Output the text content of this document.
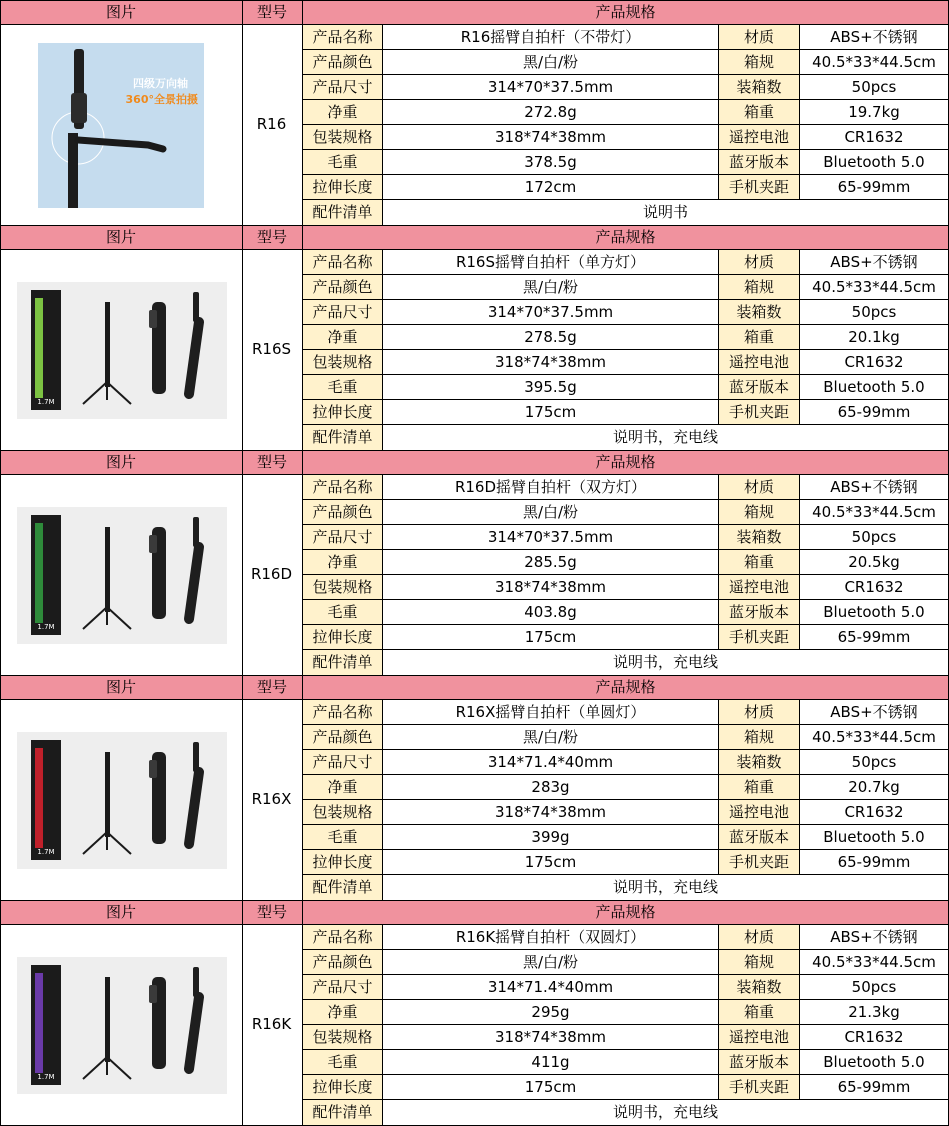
图片	型号	产品规格
四级万向轴
360°全景拍摄
R16
产品名称	R16摇臂自拍杆（不带灯）	材质	ABS+不锈钢
产品颜色	黑/白/粉	箱规	40.5*33*44.5cm
产品尺寸	314*70*37.5mm	装箱数	50pcs
净重	272.8g	箱重	19.7kg
包装规格	318*74*38mm	遥控电池	CR1632
毛重	378.5g	蓝牙版本	Bluetooth 5.0
拉伸长度	172cm	手机夹距	65-99mm
配件清单	说明书
图片	型号	产品规格
1.7M
R16S
产品名称	R16S摇臂自拍杆（单方灯）	材质	ABS+不锈钢
产品颜色	黑/白/粉	箱规	40.5*33*44.5cm
产品尺寸	314*70*37.5mm	装箱数	50pcs
净重	278.5g	箱重	20.1kg
包装规格	318*74*38mm	遥控电池	CR1632
毛重	395.5g	蓝牙版本	Bluetooth 5.0
拉伸长度	175cm	手机夹距	65-99mm
配件清单	说明书，充电线
图片	型号	产品规格
1.7M
R16D
产品名称	R16D摇臂自拍杆（双方灯）	材质	ABS+不锈钢
产品颜色	黑/白/粉	箱规	40.5*33*44.5cm
产品尺寸	314*70*37.5mm	装箱数	50pcs
净重	285.5g	箱重	20.5kg
包装规格	318*74*38mm	遥控电池	CR1632
毛重	403.8g	蓝牙版本	Bluetooth 5.0
拉伸长度	175cm	手机夹距	65-99mm
配件清单	说明书，充电线
图片	型号	产品规格
1.7M
R16X
产品名称	R16X摇臂自拍杆（单圆灯）	材质	ABS+不锈钢
产品颜色	黑/白/粉	箱规	40.5*33*44.5cm
产品尺寸	314*71.4*40mm	装箱数	50pcs
净重	283g	箱重	20.7kg
包装规格	318*74*38mm	遥控电池	CR1632
毛重	399g	蓝牙版本	Bluetooth 5.0
拉伸长度	175cm	手机夹距	65-99mm
配件清单	说明书，充电线
图片	型号	产品规格
1.7M
R16K
产品名称	R16K摇臂自拍杆（双圆灯）	材质	ABS+不锈钢
产品颜色	黑/白/粉	箱规	40.5*33*44.5cm
产品尺寸	314*71.4*40mm	装箱数	50pcs
净重	295g	箱重	21.3kg
包装规格	318*74*38mm	遥控电池	CR1632
毛重	411g	蓝牙版本	Bluetooth 5.0
拉伸长度	175cm	手机夹距	65-99mm
配件清单	说明书，充电线
